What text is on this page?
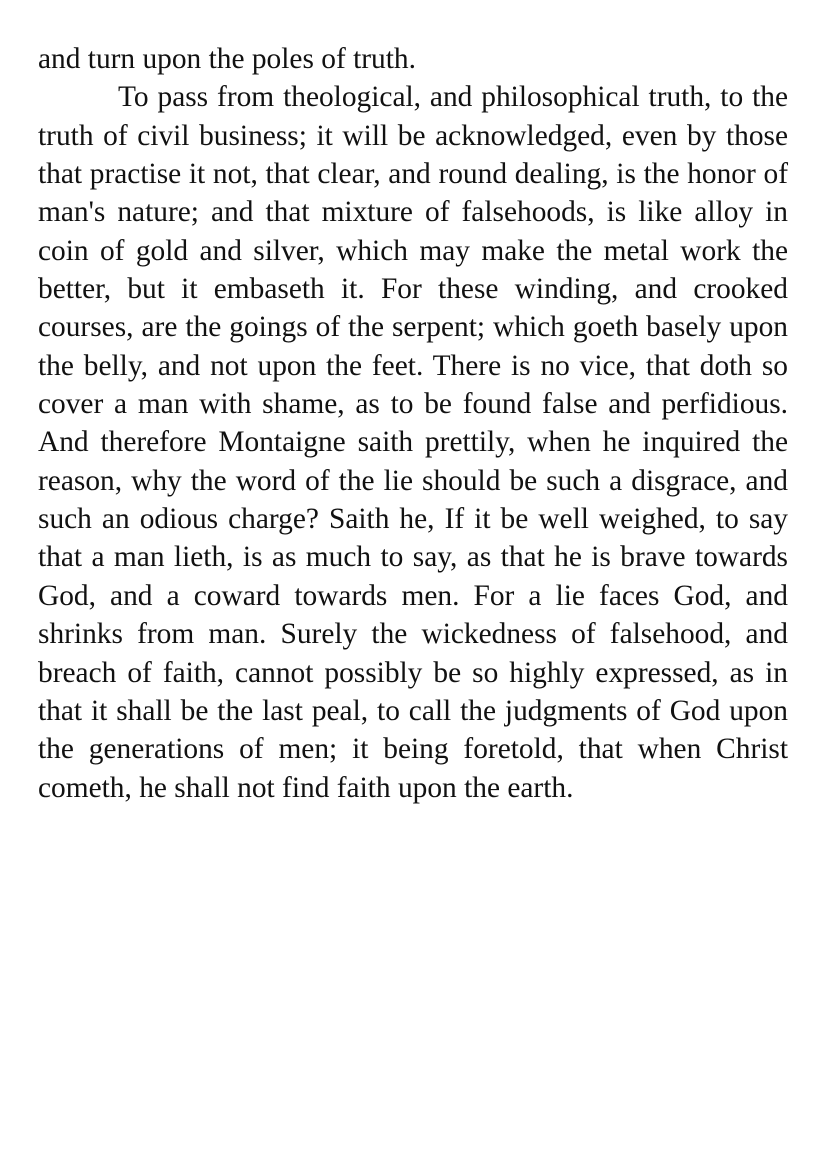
and turn upon the poles of truth.

To pass from theological, and philosophical truth, to the truth of civil business; it will be acknowledged, even by those that practise it not, that clear, and round dealing, is the honor of man's nature; and that mixture of falsehoods, is like alloy in coin of gold and silver, which may make the metal work the better, but it embaseth it. For these winding, and crooked courses, are the goings of the serpent; which goeth basely upon the belly, and not upon the feet. There is no vice, that doth so cover a man with shame, as to be found false and perfidious. And therefore Montaigne saith prettily, when he inquired the reason, why the word of the lie should be such a disgrace, and such an odious charge? Saith he, If it be well weighed, to say that a man lieth, is as much to say, as that he is brave towards God, and a coward towards men. For a lie faces God, and shrinks from man. Surely the wickedness of falsehood, and breach of faith, cannot possibly be so highly expressed, as in that it shall be the last peal, to call the judgments of God upon the generations of men; it being foretold, that when Christ cometh, he shall not find faith upon the earth.
